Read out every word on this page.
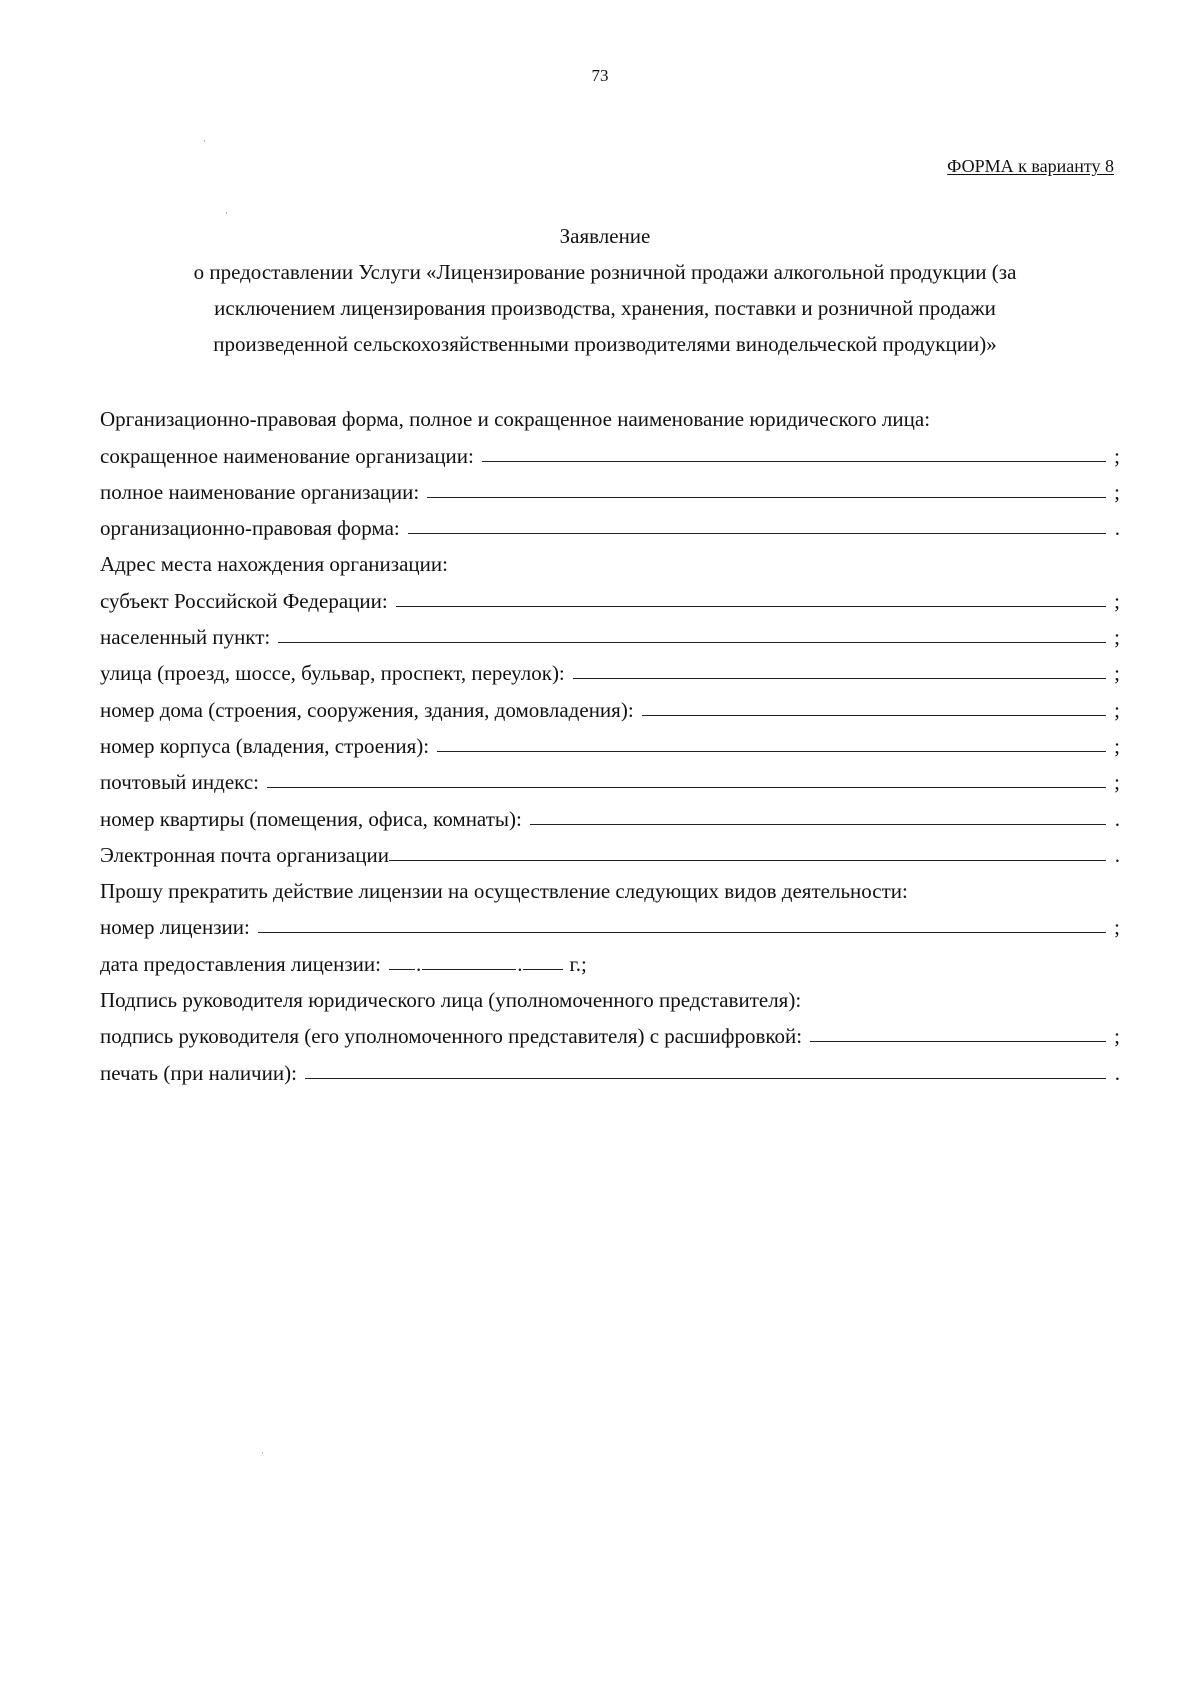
73
ФОРМА к варианту 8
Заявление
о предоставлении Услуги «Лицензирование розничной продажи алкогольной продукции (за
исключением лицензирования производства, хранения, поставки и розничной продажи
произведенной сельскохозяйственными производителями винодельческой продукции)»
Организационно-правовая форма, полное и сокращенное наименование юридического лица:
сокращенное наименование организации:	;
полное наименование организации:	;
организационно-правовая форма:	.
Адрес места нахождения организации:
субъект Российской Федерации:	;
населенный пункт:	;
улица (проезд, шоссе, бульвар, проспект, переулок):	;
номер дома (строения, сооружения, здания, домовладения):	;
номер корпуса (владения, строения):	;
почтовый индекс:	;
номер квартиры (помещения, офиса, комнаты):	.
Электронная почта организации	.
Прошу прекратить действие лицензии на осуществление следующих видов деятельности:
номер лицензии:	;
дата предоставления лицензии:	.	. г.;
Подпись руководителя юридического лица (уполномоченного представителя):
подпись руководителя (его уполномоченного представителя) с расшифровкой:	;
печать (при наличии):	.
